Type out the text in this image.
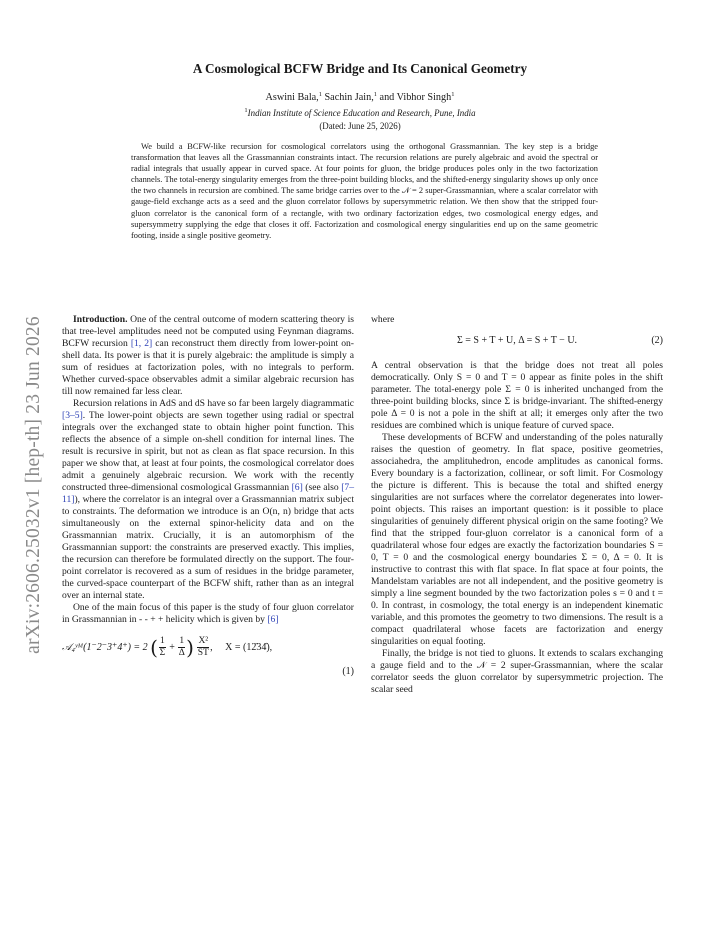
arXiv:2606.25032v1 [hep-th] 23 Jun 2026
A Cosmological BCFW Bridge and Its Canonical Geometry
Aswini Bala,$^1$ Sachin Jain,$^1$ and Vibhor Singh$^1$
$^1$Indian Institute of Science Education and Research, Pune, India
(Dated: June 25, 2026)
We build a BCFW-like recursion for cosmological correlators using the orthogonal Grassmannian. The key step is a bridge transformation that leaves all the Grassmannian constraints intact. The recursion relations are purely algebraic and avoid the spectral or radial integrals that usually appear in curved space. At four points for gluon, the bridge produces poles only in the two factorization channels. The total-energy singularity emerges from the three-point building blocks, and the shifted-energy singularity shows up only once the two channels in recursion are combined. The same bridge carries over to the 𝒩 = 2 super-Grassmannian, where a scalar correlator with gauge-field exchange acts as a seed and the gluon correlator follows by supersymmetric relation. We then show that the stripped four-gluon correlator is the canonical form of a rectangle, with two ordinary factorization edges, two cosmological energy edges, and supersymmetry supplying the edge that closes it off. Factorization and cosmological energy singularities end up on the same geometric footing, inside a single positive geometry.

Introduction. One of the central outcome of modern scattering theory is that tree-level amplitudes need not be computed using Feynman diagrams. BCFW recursion [1, 2] can reconstruct them directly from lower-point on-shell data. Its power is that it is purely algebraic: the amplitude is simply a sum of residues at factorization poles, with no integrals to perform. Whether curved-space observables admit a similar algebraic recursion has till now remained far less clear.

Recursion relations in AdS and dS have so far been largely diagrammatic [3–5]. The lower-point objects are sewn together using radial or spectral integrals over the exchanged state to obtain higher point function. This reflects the absence of a simple on-shell condition for internal lines. The result is recursive in spirit, but not as clean as flat space recursion. In this paper we show that, at least at four points, the cosmological correlator does admit a genuinely algebraic recursion. We work with the recently constructed three-dimensional cosmological Grassmannian [6] (see also [7–11]), where the correlator is an integral over a Grassmannian matrix subject to constraints. The deformation we introduce is an O(n, n) bridge that acts simultaneously on the external spinor-helicity data and on the Grassmannian matrix. Crucially, it is an automorphism of the Grassmannian support: the constraints are preserved exactly. This implies, the recursion can therefore be formulated directly on the support. The four-point correlator is recovered as a sum of residues in the bridge parameter, the curved-space counterpart of the BCFW shift, rather than as an integral over an internal state.

One of the main focus of this paper is the study of four gluon correlator in Grassmannian in - - + + helicity which is given by [6]

𝒜₄ʸᴹ(1⁻2⁻3⁺4⁺) = 2 ( $\frac{1}{\Sigma} + \frac{1}{\Delta}$ ) $\frac{\text{X²}}{ST}$ , X = (12̄34̄),
(1)

where

Σ = S + T + U, Δ = S + T − U.	(2)

A central observation is that the bridge does not treat all poles democratically. Only S = 0 and T = 0 appear as finite poles in the shift parameter. The total-energy pole Σ = 0 is inherited unchanged from the three-point building blocks, since Σ is bridge-invariant. The shifted-energy pole Δ = 0 is not a pole in the shift at all; it emerges only after the two residues are combined which is unique feature of curved space.

These developments of BCFW and understanding of the poles naturally raises the question of geometry. In flat space, positive geometries, associahedra, the amplituhedron, encode amplitudes as canonical forms. Every boundary is a factorization, collinear, or soft limit. For Cosmology the picture is different. This is because the total and shifted energy singularities are not surfaces where the correlator degenerates into lower-point objects. This raises an important question: is it possible to place singularities of genuinely different physical origin on the same footing? We find that the stripped four-gluon correlator is a canonical form of a quadrilateral whose four edges are exactly the factorization boundaries S = 0, T = 0 and the cosmological energy boundaries Σ = 0, Δ = 0. It is instructive to contrast this with flat space. In flat space at four points, the Mandelstam variables are not all independent, and the positive geometry is simply a line segment bounded by the two factorization poles s = 0 and t = 0. In contrast, in cosmology, the total energy is an independent kinematic variable, and this promotes the geometry to two dimensions. The result is a compact quadrilateral whose facets are factorization and energy singularities on equal footing.

Finally, the bridge is not tied to gluons. It extends to scalars exchanging a gauge field and to the 𝒩 = 2 super-Grassmannian, where the scalar correlator seeds the gluon correlator by supersymmetric projection. The scalar seed
